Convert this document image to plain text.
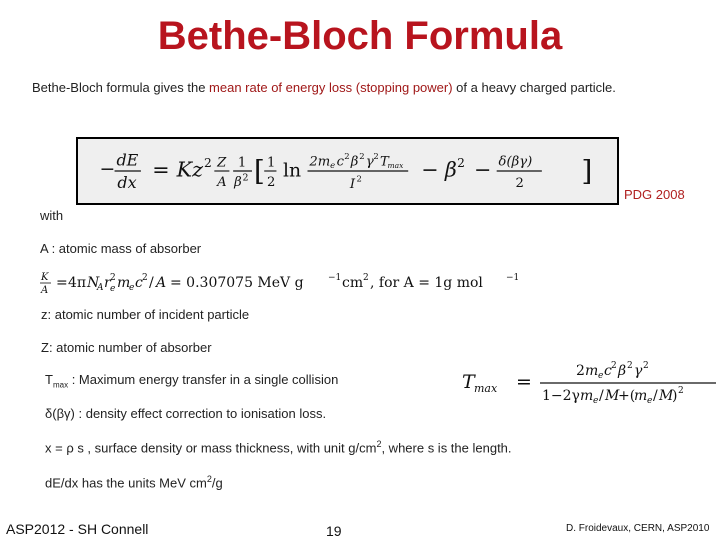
Bethe-Bloch Formula
Bethe-Bloch formula gives the mean rate of energy loss (stopping power) of a heavy charged particle.
− dE
dx
= Kz 2 Z
A
1
β 2 [ 1
2
ln 2m e c 2 β 2 γ 2 T
max
I 2	− β 2 − δ(βγ)
2 ]
PDG 2008
with
A : atomic mass of absorber
K
A = 4π N
A r 2
e m
e c 2 / A = 0.307075 MeV g	−1 cm 2 , for A = 1g mol	−1
z: atomic number of incident particle
Z: atomic number of absorber
$T_{max}$ : Maximum energy transfer in a single collision
δ(βγ) : density effect correction to ionisation loss.
x = ρ s , surface density or mass thickness, with unit $g/cm^2$, where s is the length.
dE/dx has the units MeV $cm^2/g$
T max =	2 m e c 2 β 2 γ 2
1−2γ m e / M
+(
m e / M
) 2
ASP2012 - SH Connell	19	D. Froidevaux, CERN, ASP2010
